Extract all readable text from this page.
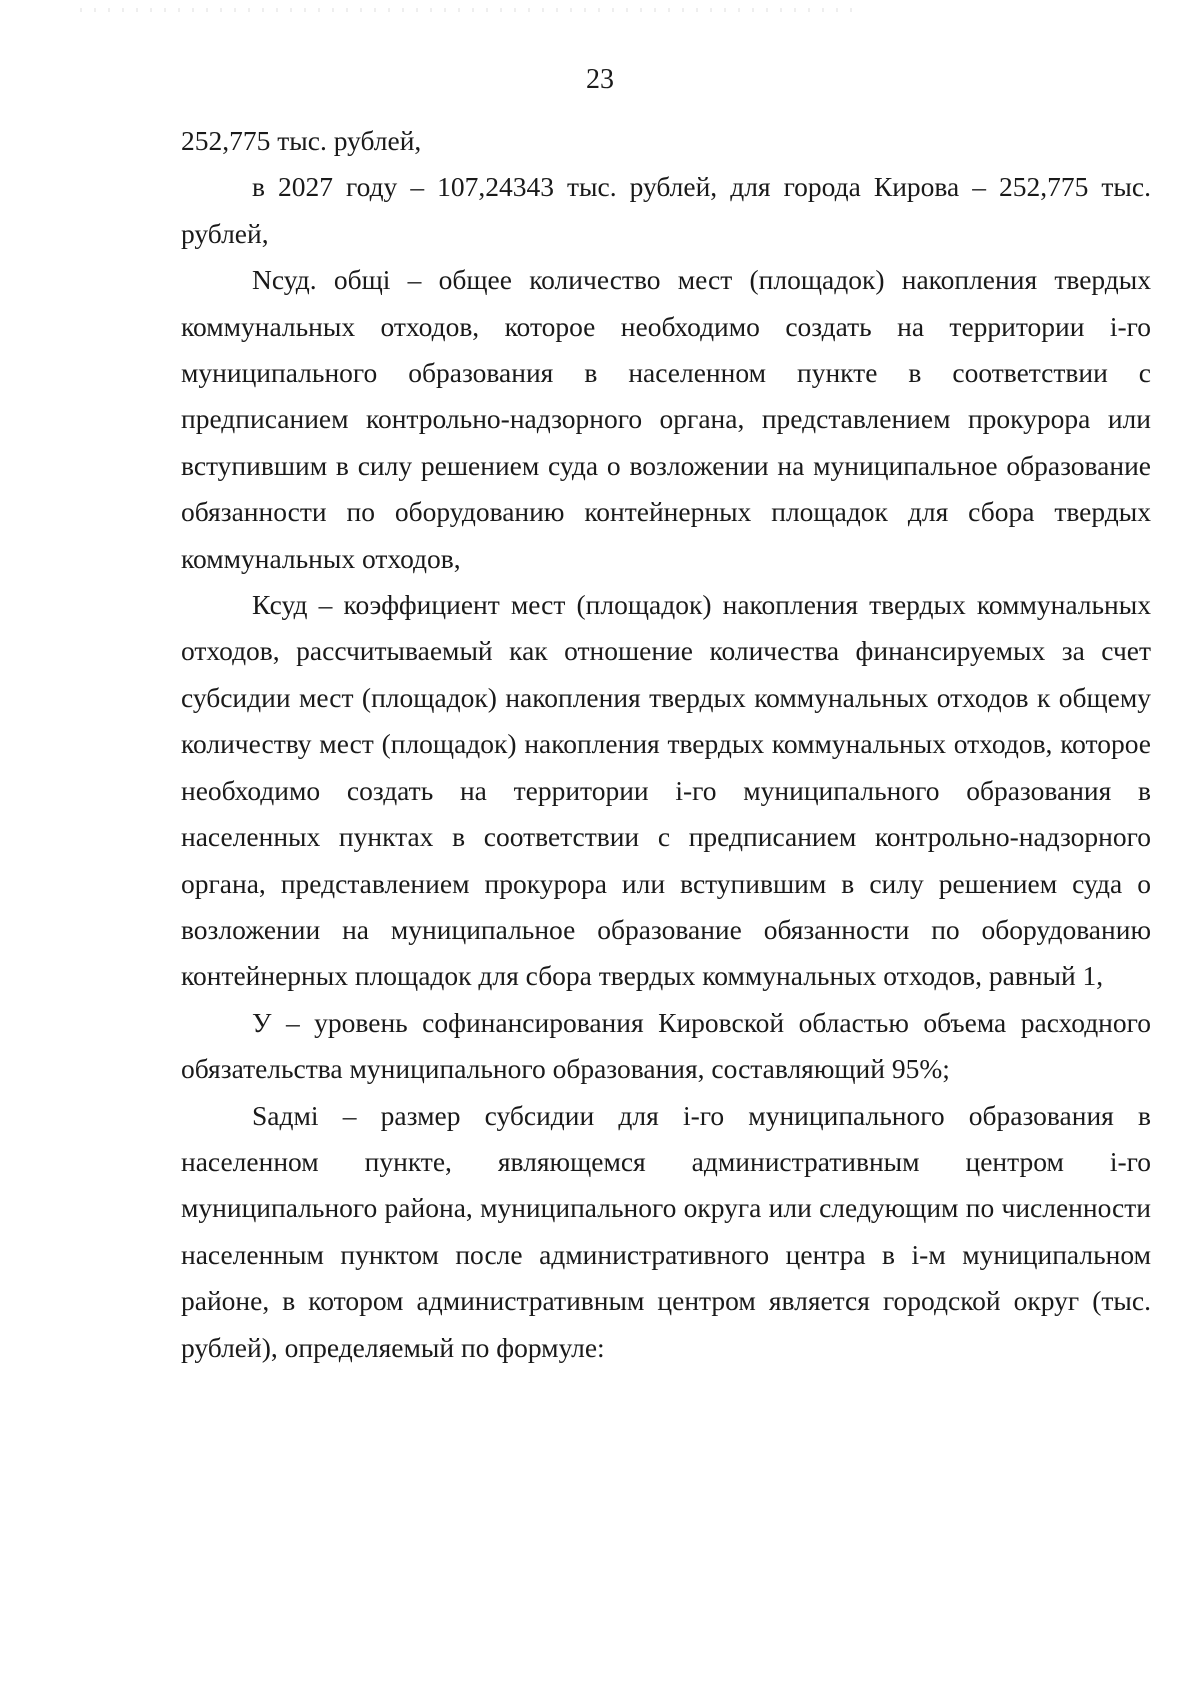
23

252,775 тыс. рублей,

в 2027 году – 107,24343 тыс. рублей, для города Кирова – 252,775 тыс. рублей,

Nсуд. общi – общее количество мест (площадок) накопления твердых коммунальных отходов, которое необходимо создать на территории i-го муниципального образования в населенном пункте в соответствии с предписанием контрольно-надзорного органа, представлением прокурора или вступившим в силу решением суда о возложении на муниципальное образование обязанности по оборудованию контейнерных площадок для сбора твердых коммунальных отходов,

Ксуд – коэффициент мест (площадок) накопления твердых коммунальных отходов, рассчитываемый как отношение количества финансируемых за счет субсидии мест (площадок) накопления твердых коммунальных отходов к общему количеству мест (площадок) накопления твердых коммунальных отходов, которое необходимо создать на территории i-го муниципального образования в населенных пунктах в соответствии с предписанием контрольно-надзорного органа, представлением прокурора или вступившим в силу решением суда о возложении на муниципальное образование обязанности по оборудованию контейнерных площадок для сбора твердых коммунальных отходов, равный 1,

У – уровень софинансирования Кировской областью объема расходного обязательства муниципального образования, составляющий 95%;

Sадмi – размер субсидии для i-го муниципального образования в населенном пункте, являющемся административным центром i-го муниципального района, муниципального округа или следующим по численности населенным пунктом после административного центра в i-м муниципальном районе, в котором административным центром является городской округ (тыс. рублей), определяемый по формуле:
